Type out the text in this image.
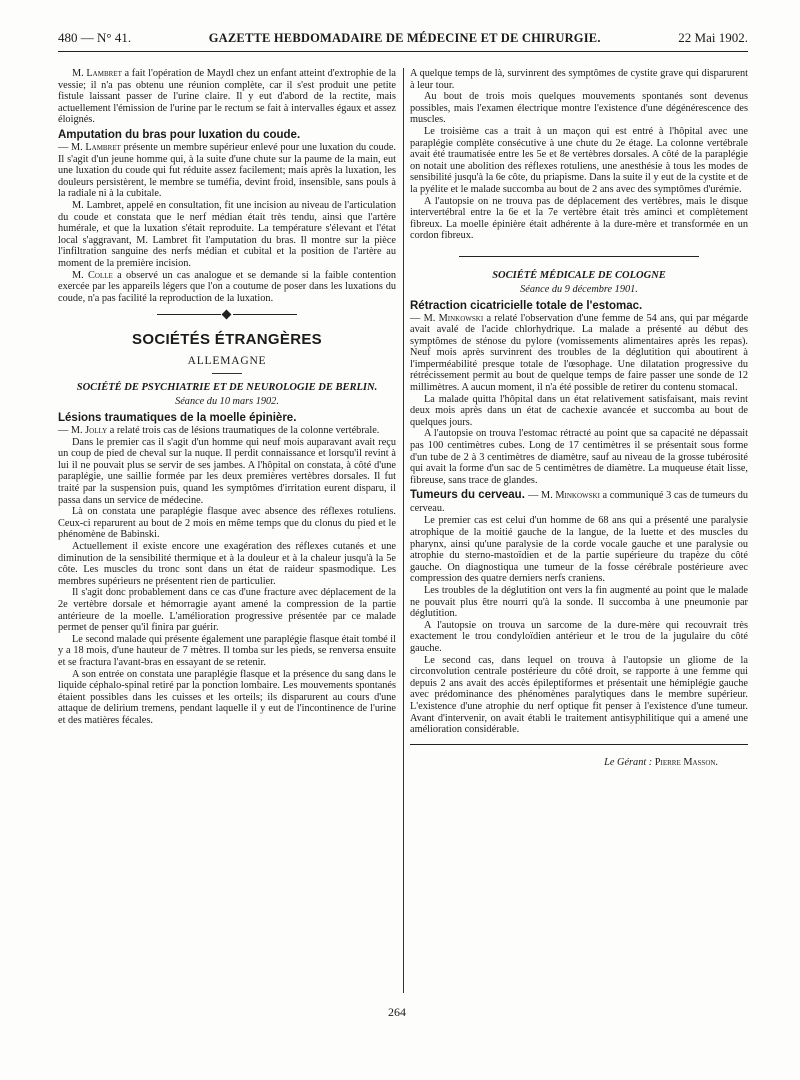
480 — N° 41.	GAZETTE HEBDOMADAIRE DE MÉDECINE ET DE CHIRURGIE.	22 Mai 1902.

M. Lambret a fait l'opération de Maydl chez un enfant atteint d'extrophie de la vessie; il n'a pas obtenu une réunion complète, car il s'est produit une petite fistule laissant passer de l'urine claire. Il y eut d'abord de la rectite, mais actuellement l'émission de l'urine par le rectum se fait à intervalles égaux et assez éloignés.

Amputation du bras pour luxation du coude.

— M. Lambret présente un membre supérieur enlevé pour une luxation du coude. Il s'agit d'un jeune homme qui, à la suite d'une chute sur la paume de la main, eut une luxation du coude qui fut réduite assez facilement; mais après la luxation, les douleurs persistèrent, le membre se tuméfia, devint froid, insensible, sans pouls à la radiale ni à la cubitale.

M. Lambret, appelé en consultation, fit une incision au niveau de l'articulation du coude et constata que le nerf médian était très tendu, ainsi que l'artère humérale, et que la luxation s'était reproduite. La température s'élevant et l'état local s'aggravant, M. Lambret fit l'amputation du bras. Il montre sur la pièce l'infiltration sanguine des nerfs médian et cubital et la position de l'artère au moment de la première incision.

M. Colle a observé un cas analogue et se demande si la faible contention exercée par les appareils légers que l'on a coutume de poser dans les luxations du coude, n'a pas facilité la reproduction de la luxation.

SOCIÉTÉS ÉTRANGÈRES
ALLEMAGNE
SOCIÉTÉ DE PSYCHIATRIE ET DE NEUROLOGIE DE BERLIN.
Séance du 10 mars 1902.
Lésions traumatiques de la moelle épinière.

— M. Jolly a relaté trois cas de lésions traumatiques de la colonne vertébrale.

Dans le premier cas il s'agit d'un homme qui neuf mois auparavant avait reçu un coup de pied de cheval sur la nuque. Il perdit connaissance et lorsqu'il revint à lui il ne pouvait plus se servir de ses jambes. A l'hôpital on constata, à côté d'une paraplégie, une saillie formée par les deux premières vertèbres dorsales. Il fut traité par la suspension puis, quand les symptômes d'irritation eurent disparu, il passa dans un service de médecine.

Là on constata une paraplégie flasque avec absence des réflexes rotuliens. Ceux-ci reparurent au bout de 2 mois en même temps que du clonus du pied et le phénomène de Babinski.

Actuellement il existe encore une exagération des réflexes cutanés et une diminution de la sensibilité thermique et à la douleur et à la chaleur jusqu'à la 5e côte. Les muscles du tronc sont dans un état de raideur spasmodique. Les membres supérieurs ne présentent rien de particulier.

Il s'agit donc probablement dans ce cas d'une fracture avec déplacement de la 2e vertèbre dorsale et hémorragie ayant amené la compression de la partie antérieure de la moelle. L'amélioration progressive présentée par ce malade permet de penser qu'il finira par guérir.

Le second malade qui présente également une paraplégie flasque était tombé il y a 18 mois, d'une hauteur de 7 mètres. Il tomba sur les pieds, se renversa ensuite et se fractura l'avant-bras en essayant de se retenir.

A son entrée on constata une paraplégie flasque et la présence du sang dans le liquide céphalo-spinal retiré par la ponction lombaire. Les mouvements spontanés étaient possibles dans les cuisses et les orteils; ils disparurent au cours d'une attaque de delirium tremens, pendant laquelle il y eut de l'incontinence de l'urine et des matières fécales.

A quelque temps de là, survinrent des symptômes de cystite grave qui disparurent à leur tour.

Au bout de trois mois quelques mouvements spontanés sont devenus possibles, mais l'examen électrique montre l'existence d'une dégénérescence des muscles.

Le troisième cas a trait à un maçon qui est entré à l'hôpital avec une paraplégie complète consécutive à une chute du 2e étage. La colonne vertébrale avait été traumatisée entre les 5e et 8e vertèbres dorsales. A côté de la paraplégie on notait une abolition des réflexes rotuliens, une anesthésie à tous les modes de sensibilité jusqu'à la 6e côte, du priapisme. Dans la suite il y eut de la cystite et de la pyélite et le malade succomba au bout de 2 ans avec des symptômes d'urémie.

A l'autopsie on ne trouva pas de déplacement des vertèbres, mais le disque intervertébral entre la 6e et la 7e vertèbre était très aminci et complètement fibreux. La moelle épinière était adhérente à la dure-mère et transformée en un cordon fibreux.

SOCIÉTÉ MÉDICALE DE COLOGNE
Séance du 9 décembre 1901.
Rétraction cicatricielle totale de l'estomac.

— M. Minkowski a relaté l'observation d'une femme de 54 ans, qui par mégarde avait avalé de l'acide chlorhydrique. La malade a présenté au début des symptômes de sténose du pylore (vomissements alimentaires après les repas). Neuf mois après survinrent des troubles de la déglutition qui aboutirent à l'imperméabilité presque totale de l'œsophage. Une dilatation progressive du rétrécissement permit au bout de quelque temps de faire passer une sonde de 12 millimètres. A aucun moment, il n'a été possible de retirer du contenu stomacal.

La malade quitta l'hôpital dans un état relativement satisfaisant, mais revint deux mois après dans un état de cachexie avancée et succomba au bout de quelques jours.

A l'autopsie on trouva l'estomac rétracté au point que sa capacité ne dépassait pas 100 centimètres cubes. Long de 17 centimètres il se présentait sous forme d'un tube de 2 à 3 centimètres de diamètre, sauf au niveau de la grosse tubérosité qui avait la forme d'un sac de 5 centimètres de diamètre. La muqueuse était lisse, fibreuse, sans trace de glandes.

Tumeurs du cerveau. — M. Minkowski a communiqué 3 cas de tumeurs du cerveau.

Le premier cas est celui d'un homme de 68 ans qui a présenté une paralysie atrophique de la moitié gauche de la langue, de la luette et des muscles du pharynx, ainsi qu'une paralysie de la corde vocale gauche et une paralysie ou atrophie du sterno-mastoïdien et de la partie supérieure du trapèze du côté gauche. On diagnostiqua une tumeur de la fosse cérébrale postérieure avec compression des quatre derniers nerfs craniens.

Les troubles de la déglutition ont vers la fin augmenté au point que le malade ne pouvait plus être nourri qu'à la sonde. Il succomba à une pneumonie par déglutition.

A l'autopsie on trouva un sarcome de la dure-mère qui recouvrait très exactement le trou condyloïdien antérieur et le trou de la jugulaire du côté gauche.

Le second cas, dans lequel on trouva à l'autopsie un gliome de la circonvolution centrale postérieure du côté droit, se rapporte à une femme qui depuis 2 ans avait des accès épileptiformes et présentait une hémiplégie gauche avec prédominance des phénomènes paralytiques dans le membre supérieur. L'existence d'une atrophie du nerf optique fit penser à l'existence d'une tumeur. Avant d'intervenir, on avait établi le traitement antisyphilitique qui a amené une amélioration considérable.

Le Gérant : Pierre Masson.
264
